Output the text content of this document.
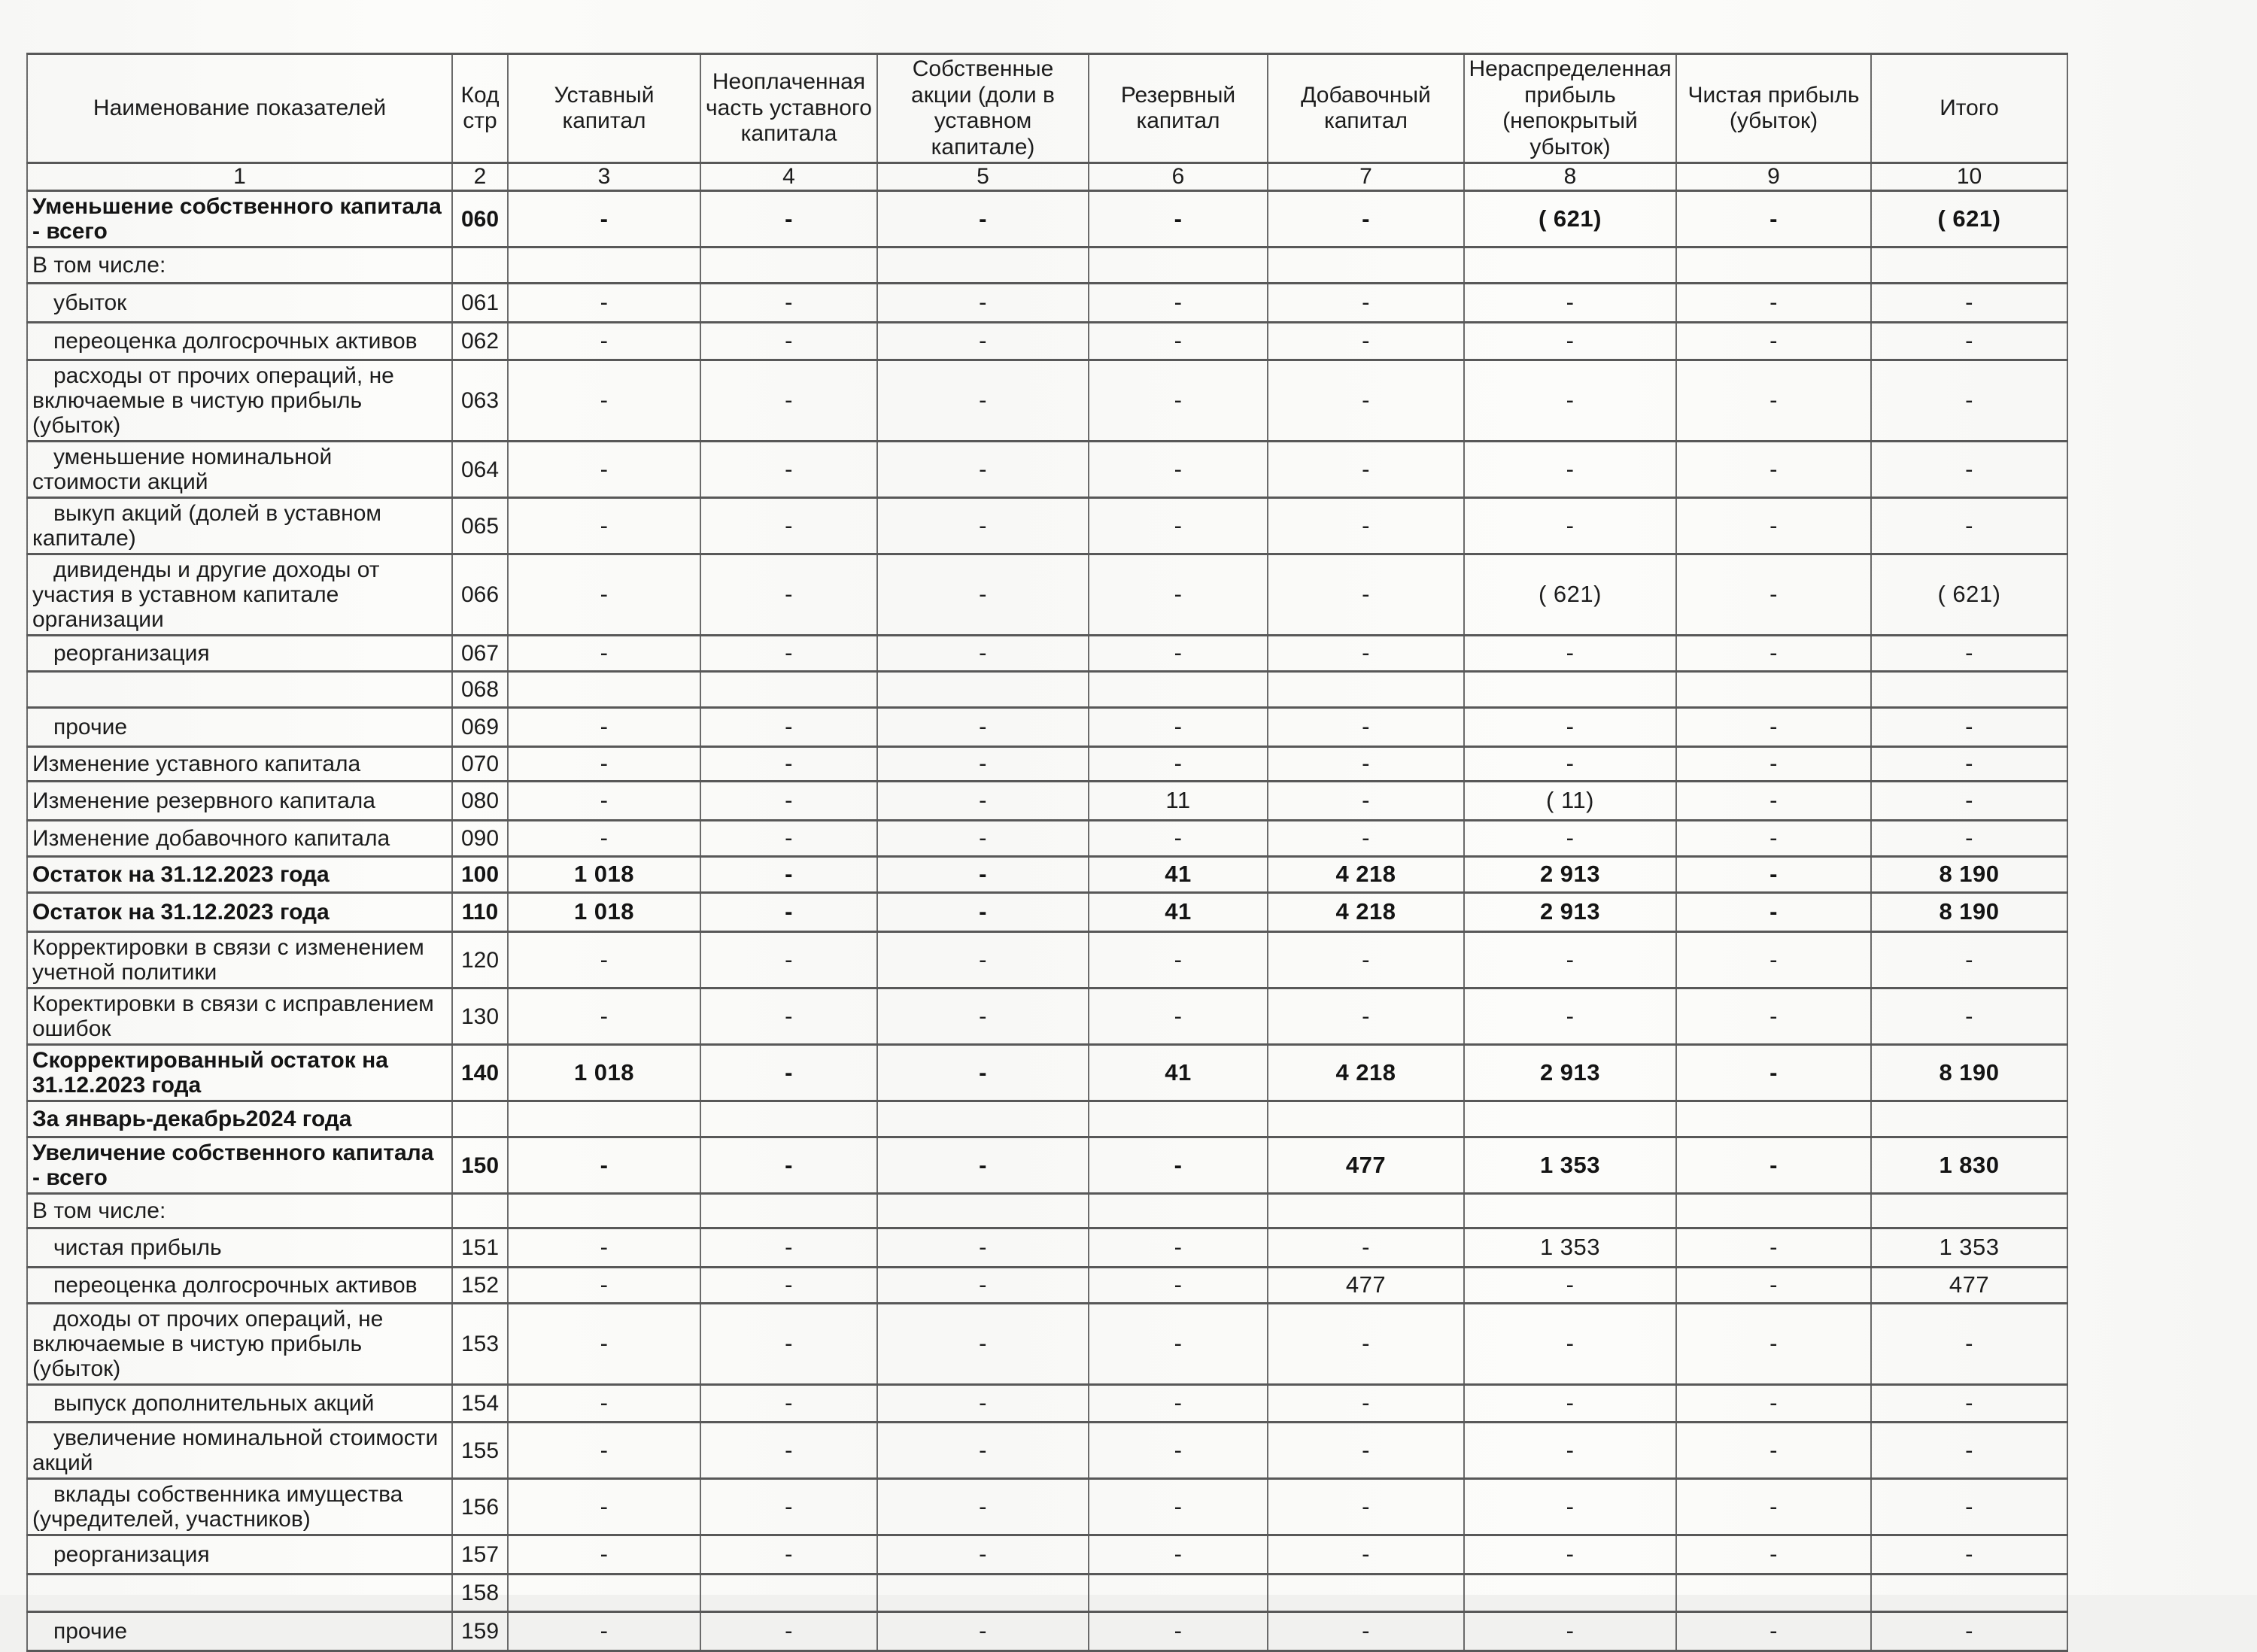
Наименование показателей	Код стр	Уставный капитал	Неоплаченная часть уставного капитала	Собственные акции (доли в уставном капитале)	Резервный капитал	Добавочный капитал	Нераспределенная прибыль (непокрытый убыток)	Чистая прибыль (убыток)	Итого
1	2	3	4	5	6	7	8	9	10
Уменьшение собственного капитала - всего	060	-	-	-	-	-	( 621)	-	( 621)
В том числе:									
убыток	061	-	-	-	-	-	-	-	-
переоценка долгосрочных активов	062	-	-	-	-	-	-	-	-
расходы от прочих операций, не включаемые в чистую прибыль (убыток)	063	-	-	-	-	-	-	-	-
уменьшение номинальной стоимости акций	064	-	-	-	-	-	-	-	-
выкуп акций (долей в уставном капитале)	065	-	-	-	-	-	-	-	-
дивиденды и другие доходы от участия в уставном капитале организации	066	-	-	-	-	-	( 621)	-	( 621)
реорганизация	067	-	-	-	-	-	-	-	-
	068								
прочие	069	-	-	-	-	-	-	-	-
Изменение уставного капитала	070	-	-	-	-	-	-	-	-
Изменение резервного капитала	080	-	-	-	11	-	( 11)	-	-
Изменение добавочного капитала	090	-	-	-	-	-	-	-	-
Остаток на 31.12.2023 года	100	1 018	-	-	41	4 218	2 913	-	8 190
Остаток на 31.12.2023 года	110	1 018	-	-	41	4 218	2 913	-	8 190
Корректировки в связи с изменением учетной политики	120	-	-	-	-	-	-	-	-
Коректировки в связи с исправлением ошибок	130	-	-	-	-	-	-	-	-
Скорректированный остаток на 31.12.2023 года	140	1 018	-	-	41	4 218	2 913	-	8 190
За январь-декабрь2024 года									
Увеличение собственного капитала - всего	150	-	-	-	-	477	1 353	-	1 830
В том числе:									
чистая прибыль	151	-	-	-	-	-	1 353	-	1 353
переоценка долгосрочных активов	152	-	-	-	-	477	-	-	477
доходы от прочих операций, не включаемые в чистую прибыль (убыток)	153	-	-	-	-	-	-	-	-
выпуск дополнительных акций	154	-	-	-	-	-	-	-	-
увеличение номинальной стоимости акций	155	-	-	-	-	-	-	-	-
вклады собственника имущества (учредителей, участников)	156	-	-	-	-	-	-	-	-
реорганизация	157	-	-	-	-	-	-	-	-
	158								
прочие	159	-	-	-	-	-	-	-	-
